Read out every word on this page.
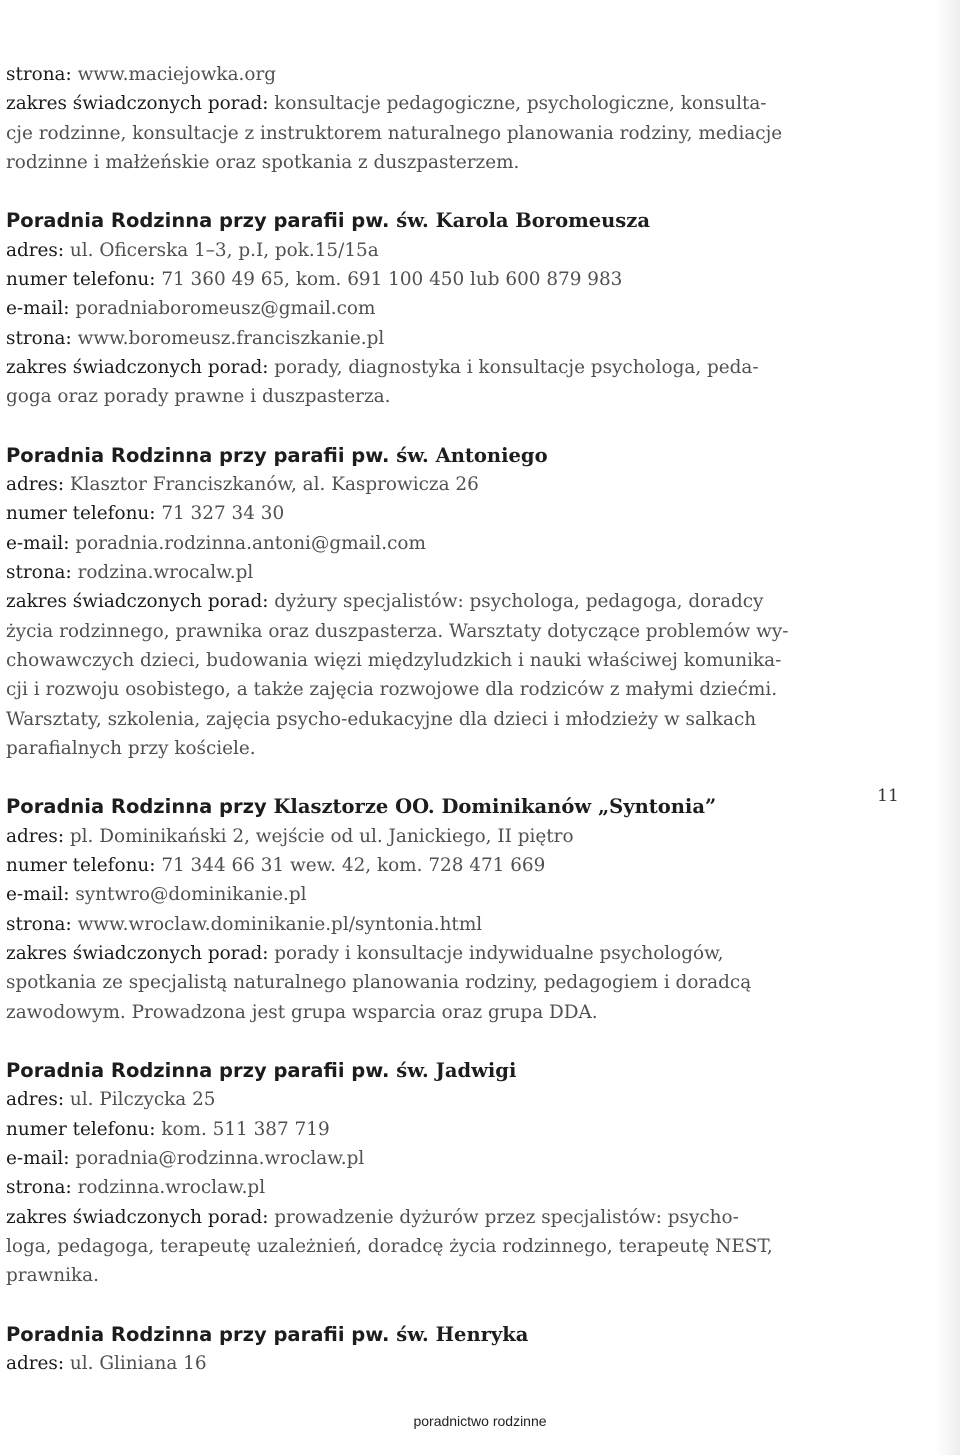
strona: www.maciejowka.org
zakres świadczonych porad: konsultacje pedagogiczne, psychologiczne, konsulta-
cje rodzinne, konsultacje z instruktorem naturalnego planowania rodziny, mediacje
rodzinne i małżeńskie oraz spotkania z duszpasterzem.
Poradnia Rodzinna przy parafii pw. św. Karola Boromeusza
adres: ul. Oficerska 1–3, p.I, pok.15/15a
numer telefonu: 71 360 49 65, kom. 691 100 450 lub 600 879 983
e-mail: poradniaboromeusz@gmail.com
strona: www.boromeusz.franciszkanie.pl
zakres świadczonych porad: porady, diagnostyka i konsultacje psychologa, peda-
goga oraz porady prawne i duszpasterza.
Poradnia Rodzinna przy parafii pw. św. Antoniego
adres: Klasztor Franciszkanów, al. Kasprowicza 26
numer telefonu: 71 327 34 30
e-mail: poradnia.rodzinna.antoni@gmail.com
strona: rodzina.wrocalw.pl
zakres świadczonych porad: dyżury specjalistów: psychologa, pedagoga, doradcy
życia rodzinnego, prawnika oraz duszpasterza. Warsztaty dotyczące problemów wy-
chowawczych dzieci, budowania więzi międzyludzkich i nauki właściwej komunika-
cji i rozwoju osobistego, a także zajęcia rozwojowe dla rodziców z małymi dziećmi.
Warsztaty, szkolenia, zajęcia psycho-edukacyjne dla dzieci i młodzieży w salkach
parafialnych przy kościele.
Poradnia Rodzinna przy Klasztorze OO. Dominikanów „Syntonia”
adres: pl. Dominikański 2, wejście od ul. Janickiego, II piętro
numer telefonu: 71 344 66 31 wew. 42, kom. 728 471 669
e-mail: syntwro@dominikanie.pl
strona: www.wroclaw.dominikanie.pl/syntonia.html
zakres świadczonych porad: porady i konsultacje indywidualne psychologów,
spotkania ze specjalistą naturalnego planowania rodziny, pedagogiem i doradcą
zawodowym. Prowadzona jest grupa wsparcia oraz grupa DDA.
Poradnia Rodzinna przy parafii pw. św. Jadwigi
adres: ul. Pilczycka 25
numer telefonu: kom. 511 387 719
e-mail: poradnia@rodzinna.wroclaw.pl
strona: rodzinna.wroclaw.pl
zakres świadczonych porad: prowadzenie dyżurów przez specjalistów: psycho-
loga, pedagoga, terapeutę uzależnień, doradcę życia rodzinnego, terapeutę NEST,
prawnika.
Poradnia Rodzinna przy parafii pw. św. Henryka
adres: ul. Gliniana 16
11
poradnictwo rodzinne
